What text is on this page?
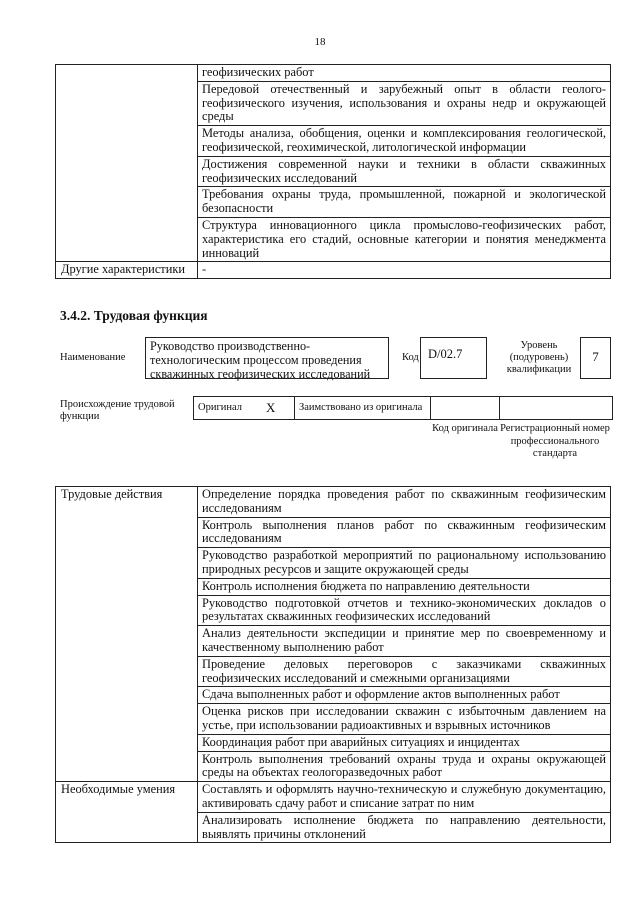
18
	геофизических работ
	Передовой отечественный и зарубежный опыт в области геолого-геофизического изучения, использования и охраны недр и окружающей среды
	Методы анализа, обобщения, оценки и комплексирования геологической, геофизической, геохимической, литологической информации
	Достижения современной науки и техники в области скважинных геофизических исследований
	Требования охраны труда, промышленной, пожарной и экологической безопасности
	Структура инновационного цикла промыслово-геофизических работ, характеристика его стадий, основные категории и понятия менеджмента инноваций
Другие характеристики	-
3.4.2. Трудовая функция
Наименование
Руководство производственно-технологическим процессом проведения скважинных геофизических исследований
Код D/02.7
Уровень (подуровень) квалификации
7
Происхождение трудовой функции
Оригинал	X	Заимствовано из оригинала		
Код оригинала Регистрационный номер профессионального стандарта
Трудовые действия	Определение порядка проведения работ по скважинным геофизическим исследованиям
	Контроль выполнения планов работ по скважинным геофизическим исследованиям
	Руководство разработкой мероприятий по рациональному использованию природных ресурсов и защите окружающей среды
	Контроль исполнения бюджета по направлению деятельности
	Руководство подготовкой отчетов и технико-экономических докладов о результатах скважинных геофизических исследований
	Анализ деятельности экспедиции и принятие мер по своевременному и качественному выполнению работ
	Проведение деловых переговоров с заказчиками скважинных геофизических исследований и смежными организациями
	Сдача выполненных работ и оформление актов выполненных работ
	Оценка рисков при исследовании скважин с избыточным давлением на устье, при использовании радиоактивных и взрывных источников
	Координация работ при аварийных ситуациях и инцидентах
	Контроль выполнения требований охраны труда и охраны окружающей среды на объектах геологоразведочных работ
Необходимые умения	Составлять и оформлять научно-техническую и служебную документацию, активировать сдачу работ и списание затрат по ним
	Анализировать исполнение бюджета по направлению деятельности, выявлять причины отклонений
